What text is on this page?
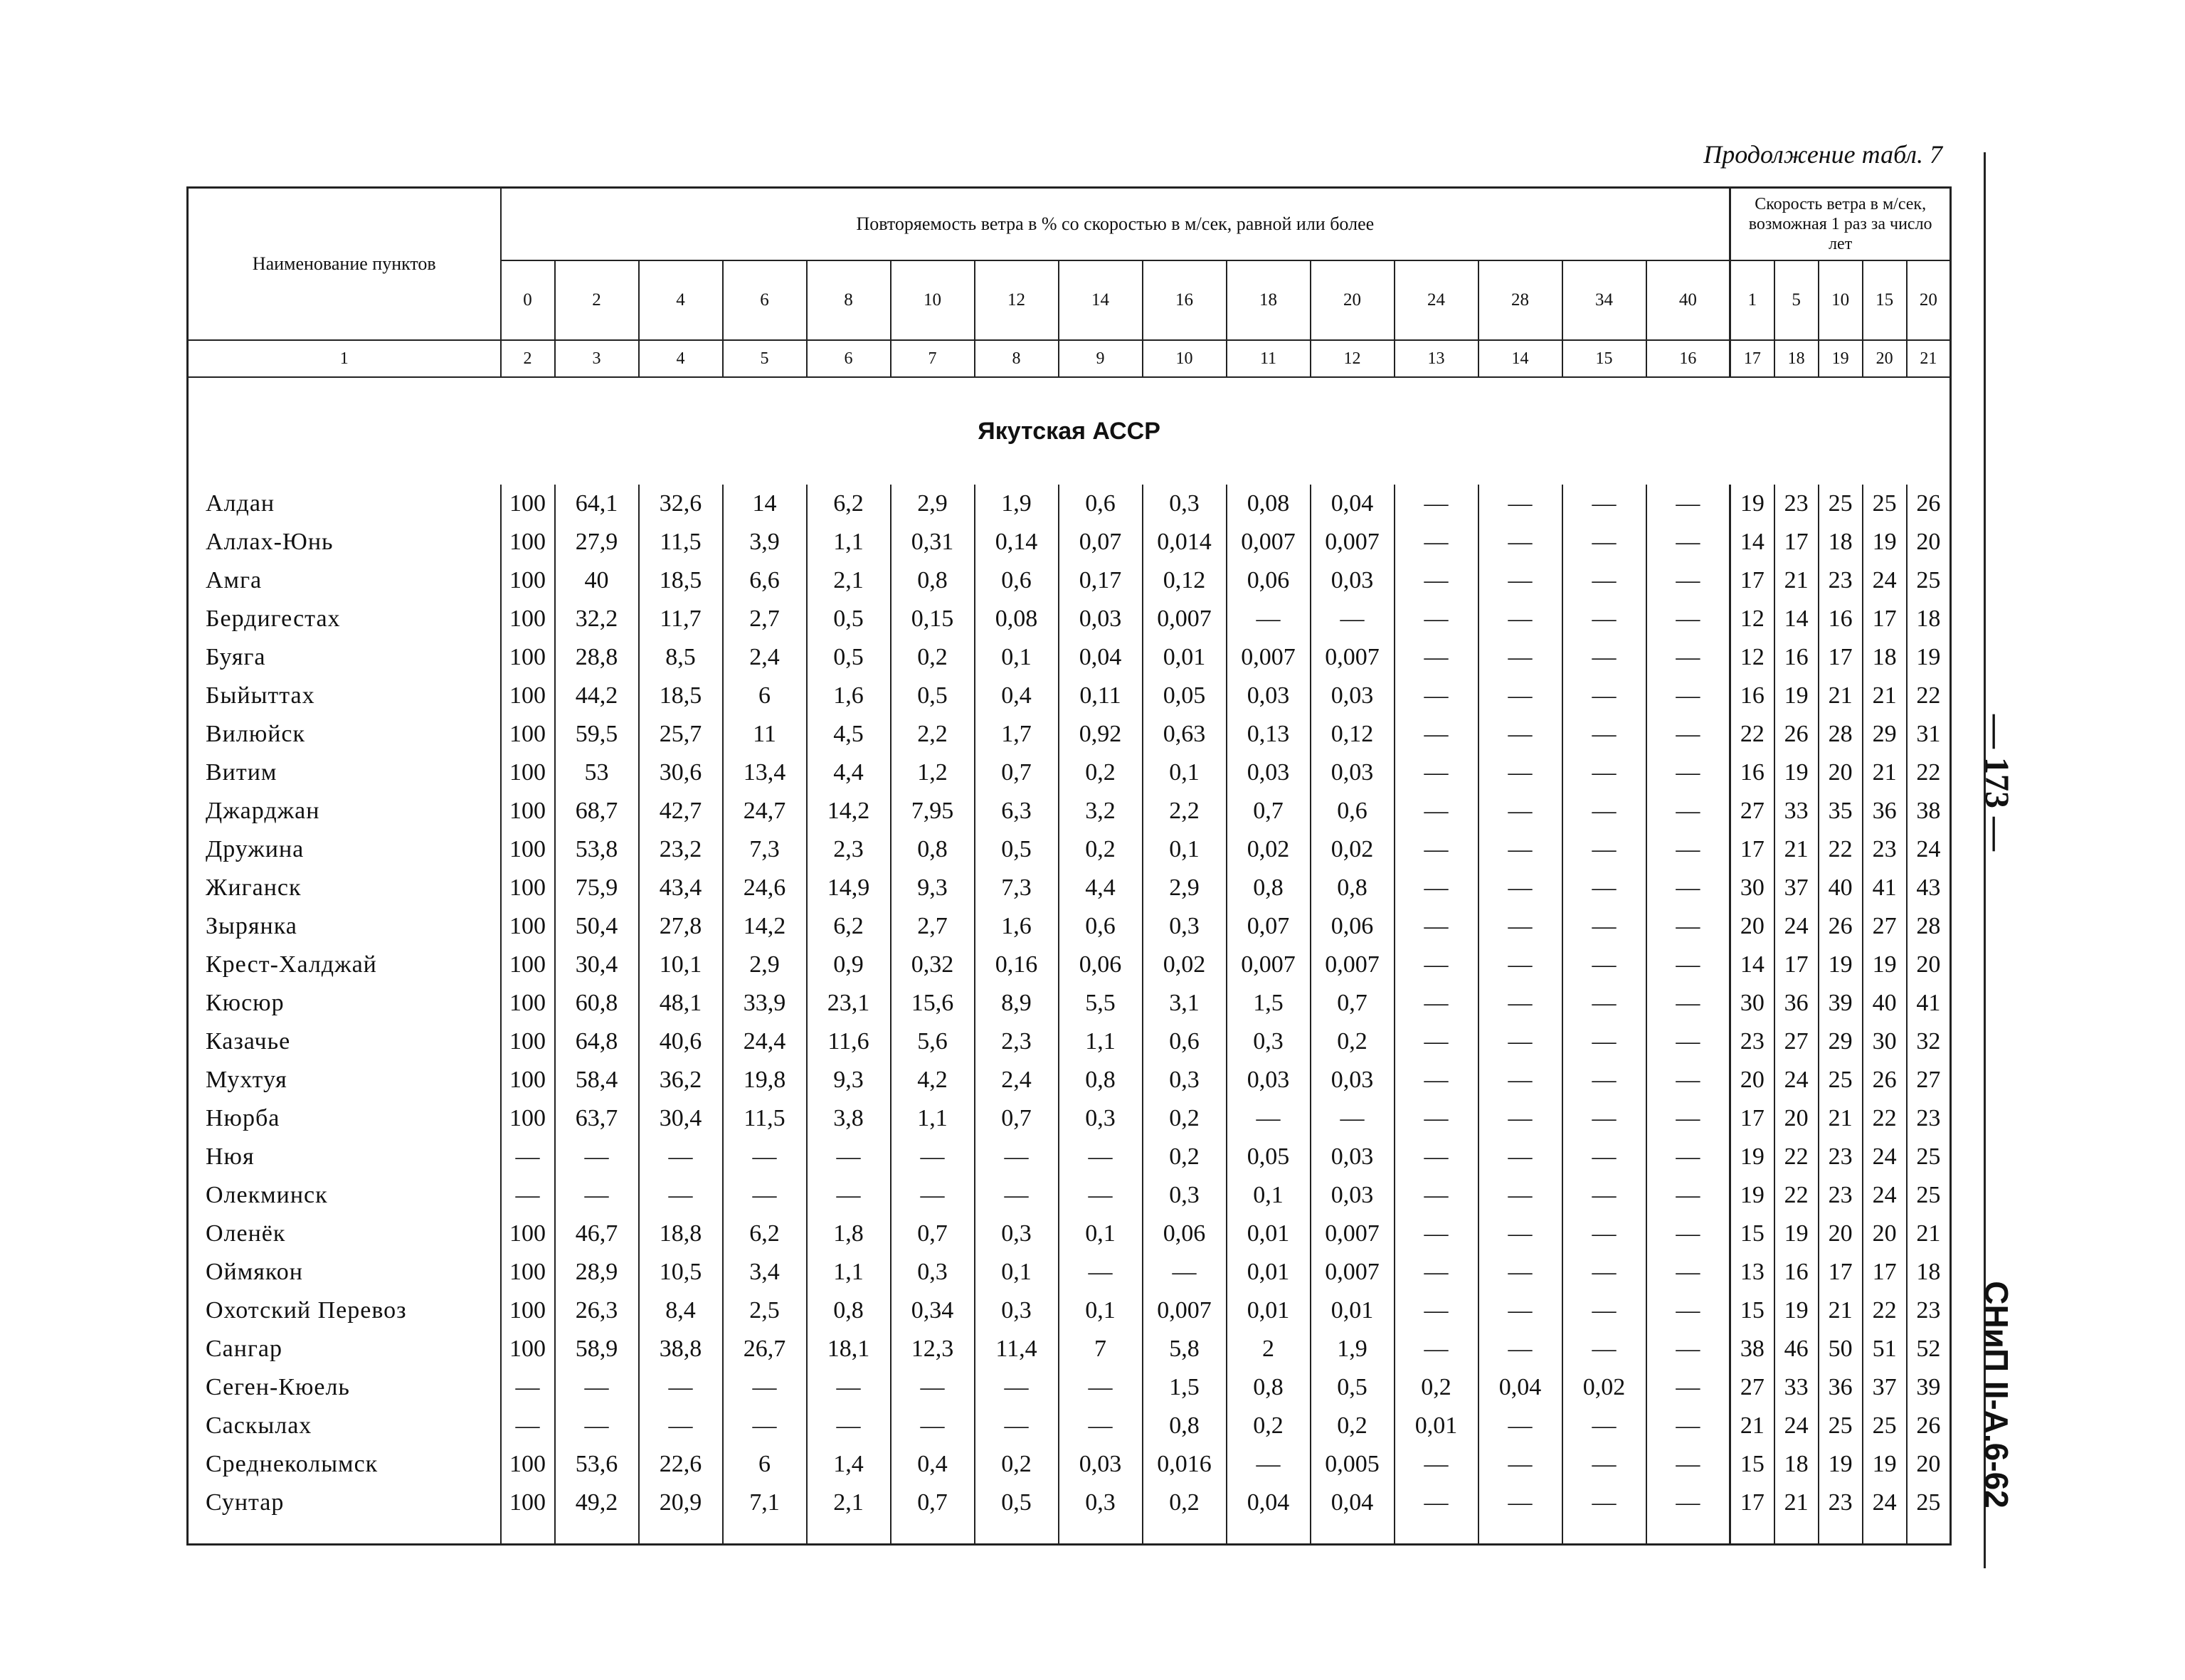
Продолжение табл. 7
— 173 —
СНиП II-А.6-62
Наименование пунктов	Повторяемость ветра в % со скоростью в м/сек, равной или более															Скорость ветра в м/сек, возможная 1 раз за число лет				
	0	2	4	6	8	10	12	14	16	18	20	24	28	34	40	1	5	10	15	20
1	2	3	4	5	6	7	8	9	10	11	12	13	14	15	16	17	18	19	20	21
Якутская АССР																				
Алдан	100	64,1	32,6	14	6,2	2,9	1,9	0,6	0,3	0,08	0,04	—	—	—	—	19	23	25	25	26
Аллах-Юнь	100	27,9	11,5	3,9	1,1	0,31	0,14	0,07	0,014	0,007	0,007	—	—	—	—	14	17	18	19	20
Амга	100	40	18,5	6,6	2,1	0,8	0,6	0,17	0,12	0,06	0,03	—	—	—	—	17	21	23	24	25
Бердигестах	100	32,2	11,7	2,7	0,5	0,15	0,08	0,03	0,007	—	—	—	—	—	—	12	14	16	17	18
Буяга	100	28,8	8,5	2,4	0,5	0,2	0,1	0,04	0,01	0,007	0,007	—	—	—	—	12	16	17	18	19
Быйыттах	100	44,2	18,5	6	1,6	0,5	0,4	0,11	0,05	0,03	0,03	—	—	—	—	16	19	21	21	22
Вилюйск	100	59,5	25,7	11	4,5	2,2	1,7	0,92	0,63	0,13	0,12	—	—	—	—	22	26	28	29	31
Витим	100	53	30,6	13,4	4,4	1,2	0,7	0,2	0,1	0,03	0,03	—	—	—	—	16	19	20	21	22
Джарджан	100	68,7	42,7	24,7	14,2	7,95	6,3	3,2	2,2	0,7	0,6	—	—	—	—	27	33	35	36	38
Дружина	100	53,8	23,2	7,3	2,3	0,8	0,5	0,2	0,1	0,02	0,02	—	—	—	—	17	21	22	23	24
Жиганск	100	75,9	43,4	24,6	14,9	9,3	7,3	4,4	2,9	0,8	0,8	—	—	—	—	30	37	40	41	43
Зырянка	100	50,4	27,8	14,2	6,2	2,7	1,6	0,6	0,3	0,07	0,06	—	—	—	—	20	24	26	27	28
Крест-Халджай	100	30,4	10,1	2,9	0,9	0,32	0,16	0,06	0,02	0,007	0,007	—	—	—	—	14	17	19	19	20
Кюсюр	100	60,8	48,1	33,9	23,1	15,6	8,9	5,5	3,1	1,5	0,7	—	—	—	—	30	36	39	40	41
Казачье	100	64,8	40,6	24,4	11,6	5,6	2,3	1,1	0,6	0,3	0,2	—	—	—	—	23	27	29	30	32
Мухтуя	100	58,4	36,2	19,8	9,3	4,2	2,4	0,8	0,3	0,03	0,03	—	—	—	—	20	24	25	26	27
Нюрба	100	63,7	30,4	11,5	3,8	1,1	0,7	0,3	0,2	—	—	—	—	—	—	17	20	21	22	23
Нюя	—	—	—	—	—	—	—	—	0,2	0,05	0,03	—	—	—	—	19	22	23	24	25
Олекминск	—	—	—	—	—	—	—	—	0,3	0,1	0,03	—	—	—	—	19	22	23	24	25
Оленёк	100	46,7	18,8	6,2	1,8	0,7	0,3	0,1	0,06	0,01	0,007	—	—	—	—	15	19	20	20	21
Оймякон	100	28,9	10,5	3,4	1,1	0,3	0,1	—	—	0,01	0,007	—	—	—	—	13	16	17	17	18
Охотский Перевоз	100	26,3	8,4	2,5	0,8	0,34	0,3	0,1	0,007	0,01	0,01	—	—	—	—	15	19	21	22	23
Сангар	100	58,9	38,8	26,7	18,1	12,3	11,4	7	5,8	2	1,9	—	—	—	—	38	46	50	51	52
Сеген-Кюель	—	—	—	—	—	—	—	—	1,5	0,8	0,5	0,2	0,04	0,02	—	27	33	36	37	39
Саскылах	—	—	—	—	—	—	—	—	0,8	0,2	0,2	0,01	—	—	—	21	24	25	25	26
Среднеколымск	100	53,6	22,6	6	1,4	0,4	0,2	0,03	0,016	—	0,005	—	—	—	—	15	18	19	19	20
Сунтар	100	49,2	20,9	7,1	2,1	0,7	0,5	0,3	0,2	0,04	0,04	—	—	—	—	17	21	23	24	25
